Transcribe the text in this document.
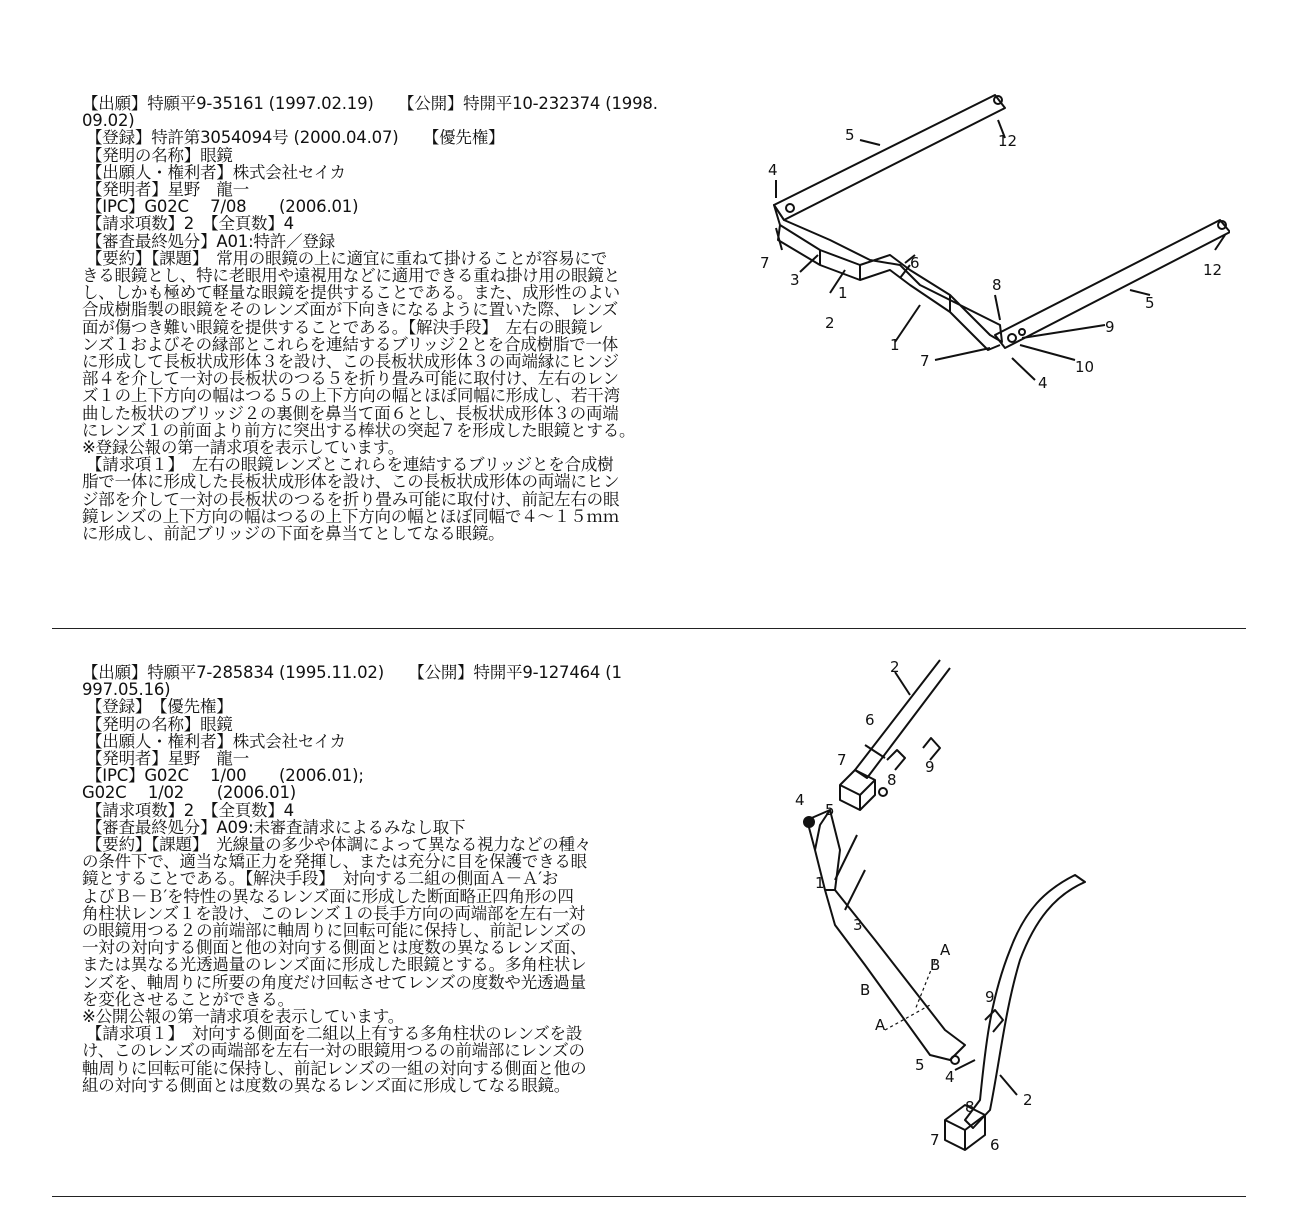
【出願】特願平9-35161 (1997.02.19)　　【公開】特開平10-232374 (1998.
09.02)
【登録】特許第3054094号 (2000.04.07)　　【優先権】
【発明の名称】眼鏡
【出願人・権利者】株式会社セイカ
【発明者】星野　龍一
【IPC】G02C　 7/08　　(2006.01)
【請求項数】2　【全頁数】4
【審査最終処分】A01:特許／登録
【要約】【課題】　常用の眼鏡の上に適宜に重ねて掛けることが容易にで
きる眼鏡とし、特に老眼用や遠視用などに適用できる重ね掛け用の眼鏡と
し、しかも極めて軽量な眼鏡を提供することである。また、成形性のよい
合成樹脂製の眼鏡をそのレンズ面が下向きになるように置いた際、レンズ
面が傷つき難い眼鏡を提供することである。【解決手段】　左右の眼鏡レ
ンズ１およびその縁部とこれらを連結するブリッジ２とを合成樹脂で一体
に形成して長板状成形体３を設け、この長板状成形体３の両端縁にヒンジ
部４を介して一対の長板状のつる５を折り畳み可能に取付け、左右のレン
ズ１の上下方向の幅はつる５の上下方向の幅とほぼ同幅に形成し、若干湾
曲した板状のブリッジ２の裏側を鼻当て面６とし、長板状成形体３の両端
にレンズ１の前面より前方に突出する棒状の突起７を形成した眼鏡とする。
※登録公報の第一請求項を表示しています。
【請求項１】　左右の眼鏡レンズとこれらを連結するブリッジとを合成樹
脂で一体に形成した長板状成形体を設け、この長板状成形体の両端にヒン
ジ部を介して一対の長板状のつるを折り畳み可能に取付け、前記左右の眼
鏡レンズの上下方向の幅はつるの上下方向の幅とほぼ同幅で４～１５ｍｍ
に形成し、前記ブリッジの下面を鼻当てとしてなる眼鏡。
1
1
2
3
4
4
5
5
6
7
7
8
9
10
12
12
【出願】特願平7-285834 (1995.11.02)　　【公開】特開平9-127464 (1
997.05.16)
【登録】　【優先権】
【発明の名称】眼鏡
【出願人・権利者】株式会社セイカ
【発明者】星野　龍一
【IPC】G02C　 1/00　　(2006.01);
G02C　 1/02　　(2006.01)
【請求項数】2　【全頁数】4
【審査最終処分】A09:未審査請求によるみなし取下
【要約】【課題】　光線量の多少や体調によって異なる視力などの種々
の条件下で、適当な矯正力を発揮し、または充分に目を保護できる眼
鏡とすることである。【解決手段】　対向する二組の側面Ａ－Ａ′お
よびＢ－Ｂ′を特性の異なるレンズ面に形成した断面略正四角形の四
角柱状レンズ１を設け、このレンズ１の長手方向の両端部を左右一対
の眼鏡用つる２の前端部に軸周りに回転可能に保持し、前記レンズの
一対の対向する側面と他の対向する側面とは度数の異なるレンズ面、
または異なる光透過量のレンズ面に形成した眼鏡とする。多角柱状レ
ンズを、軸周りに所要の角度だけ回転させてレンズの度数や光透過量
を変化させることができる。
※公開公報の第一請求項を表示しています。
【請求項１】　対向する側面を二組以上有する多角柱状のレンズを設
け、このレンズの両端部を左右一対の眼鏡用つるの前端部にレンズの
軸周りに回転可能に保持し、前記レンズの一組の対向する側面と他の
組の対向する側面とは度数の異なるレンズ面に形成してなる眼鏡。
1
2
2
3
4
4
5
5
6
6
7
7
8
8
9
9
A
A
B
B
